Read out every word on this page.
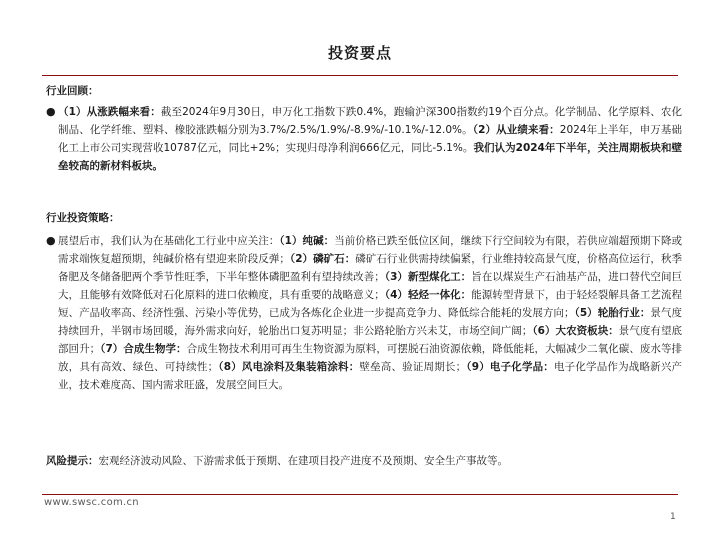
投资要点
行业回顾：
● （1）从涨跌幅来看：截至2024年9月30日，申万化工指数下跌0.4%，跑输沪深300指数约19个百分点。化学制品、化学原料、农化制品、化学纤维、塑料、橡胶涨跌幅分别为3.7%/2.5%/1.9%/-8.9%/-10.1%/-12.0%。（2）从业绩来看：2024年上半年，申万基础化工上市公司实现营收10787亿元，同比+2%；实现归母净利润666亿元，同比-5.1%。我们认为2024年下半年，关注周期板块和壁垒较高的新材料板块。
行业投资策略：
● 展望后市，我们认为在基础化工行业中应关注：（1）纯碱：当前价格已跌至低位区间，继续下行空间较为有限，若供应端超预期下降或需求端恢复超预期，纯碱价格有望迎来阶段反弹；（2）磷矿石：磷矿石行业供需持续偏紧，行业维持较高景气度，价格高位运行，秋季备肥及冬储备肥两个季节性旺季，下半年整体磷肥盈利有望持续改善；（3）新型煤化工：旨在以煤炭生产石油基产品，进口替代空间巨大，且能够有效降低对石化原料的进口依赖度，具有重要的战略意义；（4）轻烃一体化：能源转型背景下，由于轻烃裂解具备工艺流程短、产品收率高、经济性强、污染小等优势，已成为各炼化企业进一步提高竞争力、降低综合能耗的发展方向；（5）轮胎行业：景气度持续回升，半钢市场回暖，海外需求向好，轮胎出口复苏明显；非公路轮胎方兴未艾，市场空间广阔；（6）大农资板块：景气度有望底部回升；（7）合成生物学：合成生物技术利用可再生生物资源为原料，可摆脱石油资源依赖，降低能耗，大幅减少二氧化碳、废水等排放，具有高效、绿色、可持续性；（8）风电涂料及集装箱涂料：壁垒高、验证周期长；（9）电子化学品：电子化学品作为战略新兴产业，技术难度高、国内需求旺盛，发展空间巨大。
风险提示：宏观经济波动风险、下游需求低于预期、在建项目投产进度不及预期、安全生产事故等。
www.swsc.com.cn
1
